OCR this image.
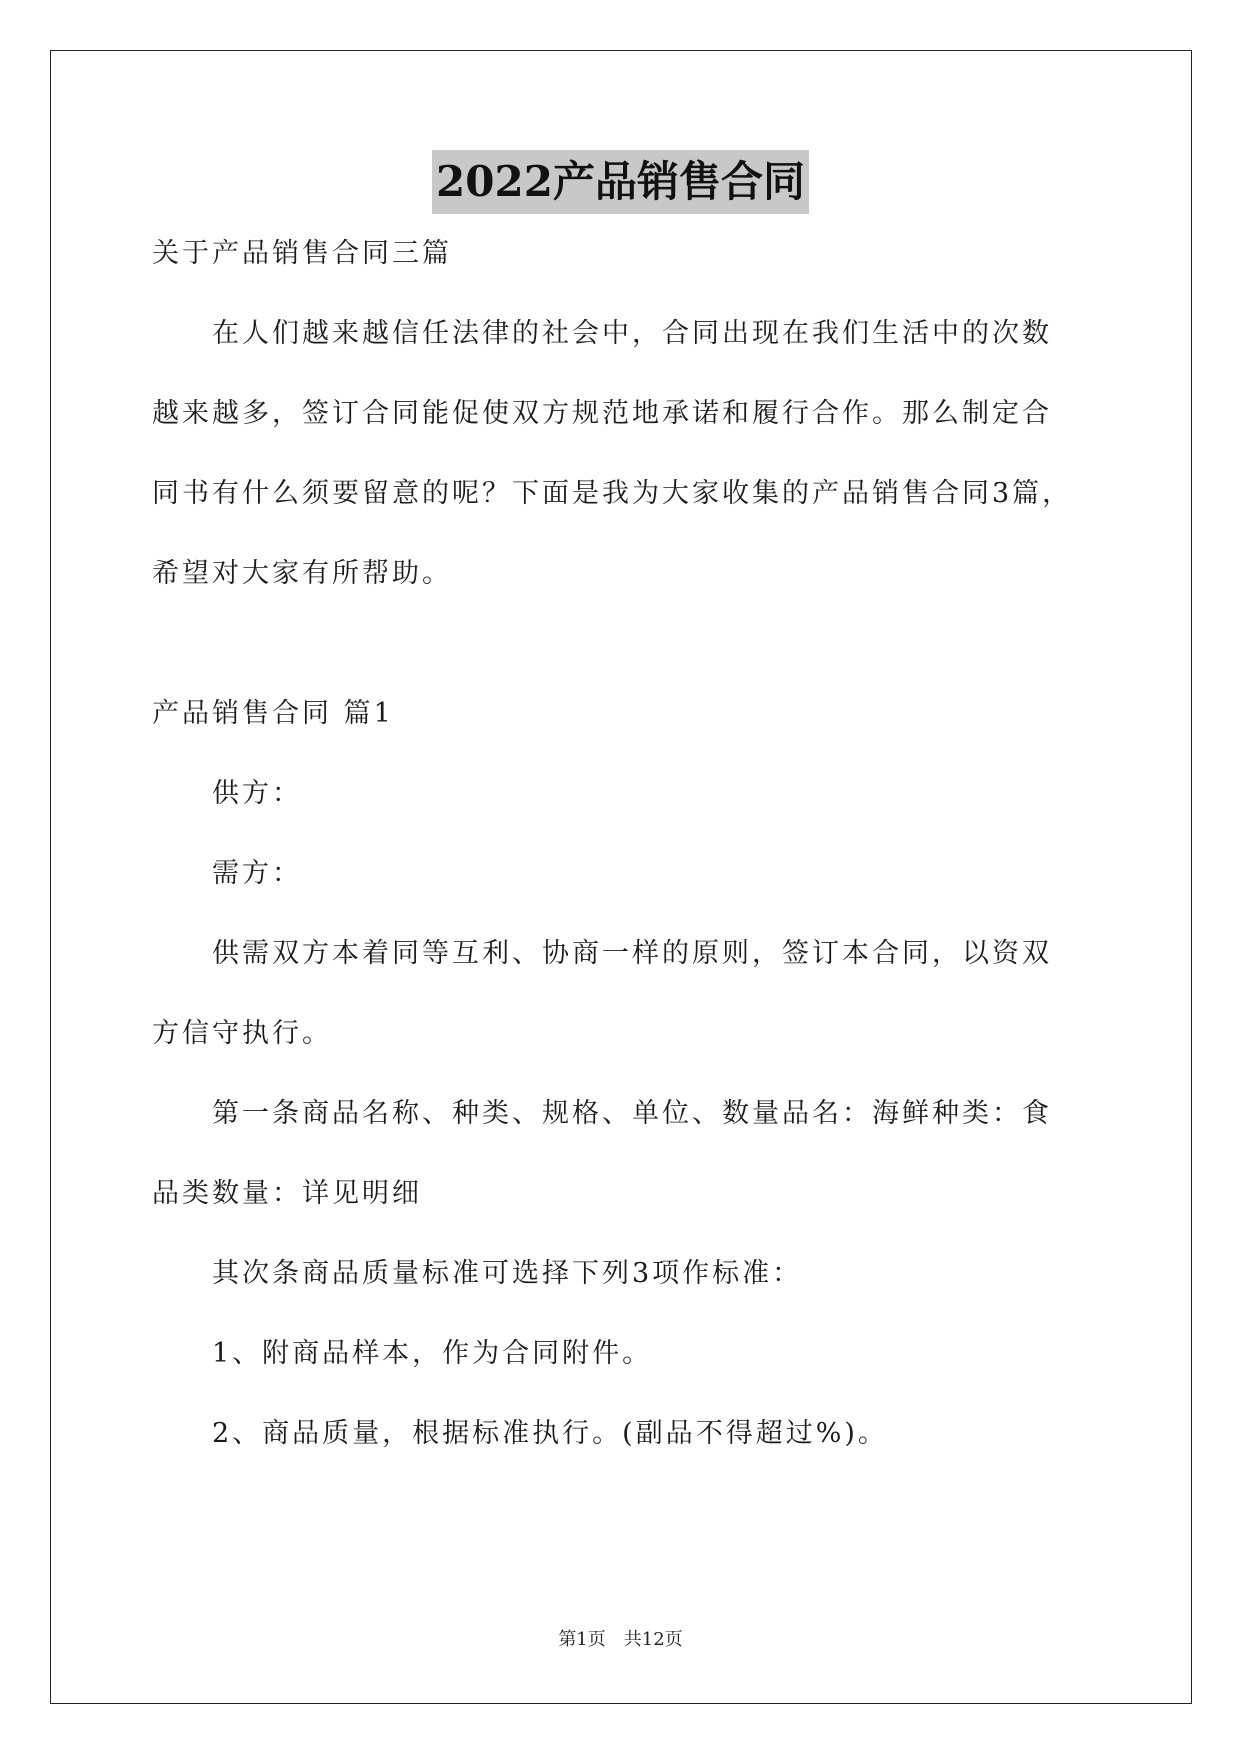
2022产品销售合同
关于产品销售合同三篇
在人们越来越信任法律的社会中，合同出现在我们生活中的次数
越来越多，签订合同能促使双方规范地承诺和履行合作。那么制定合
同书有什么须要留意的呢？下面是我为大家收集的产品销售合同3篇，
希望对大家有所帮助。
产品销售合同 篇1
供方：
需方：
供需双方本着同等互利、协商一样的原则，签订本合同，以资双
方信守执行。
第一条商品名称、种类、规格、单位、数量品名：海鲜种类：食
品类数量：详见明细
其次条商品质量标准可选择下列3项作标准：
1、附商品样本，作为合同附件。
2、商品质量，根据标准执行。(副品不得超过%)。
第1页　共12页
